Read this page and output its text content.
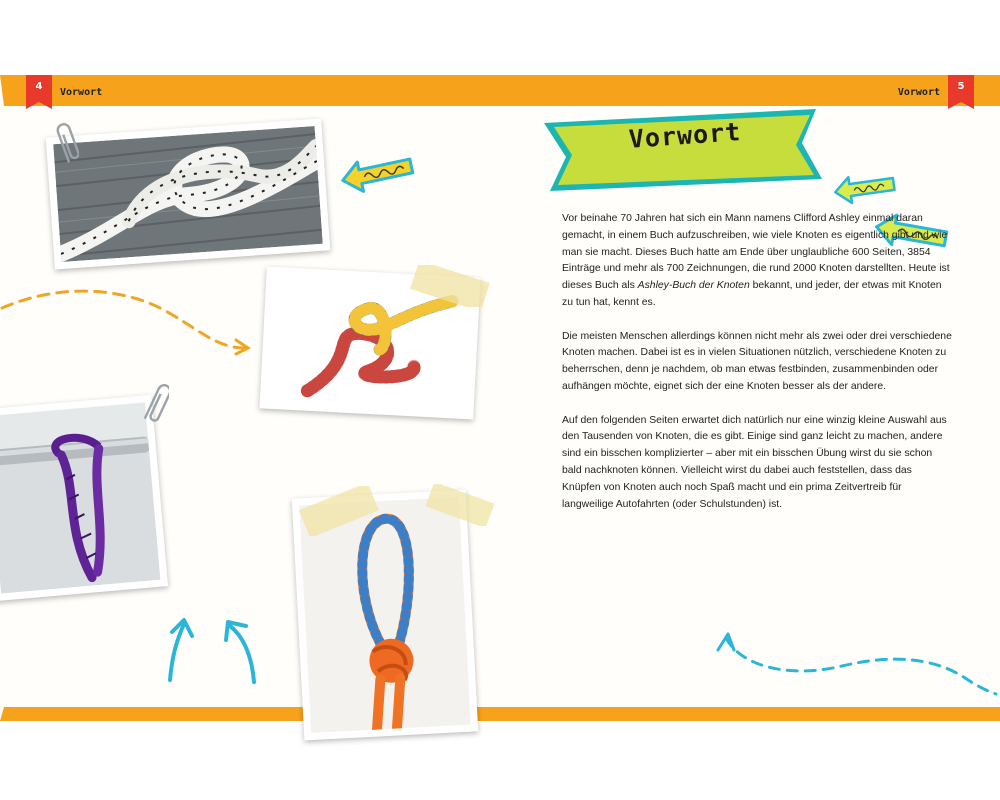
4
Vorwort	Vorwort
5
Vorwort

Vor beinahe 70 Jahren hat sich ein Mann namens Clifford Ashley einmal daran gemacht, in einem Buch aufzuschreiben, wie viele Knoten es eigentlich gibt und wie man sie macht. Dieses Buch hatte am Ende über unglaubliche 600 Seiten, 3854 Einträge und mehr als 700 Zeichnungen, die rund 2000 Knoten darstellten. Heute ist dieses Buch als Ashley-Buch der Knoten bekannt, und jeder, der etwas mit Knoten zu tun hat, kennt es.

Die meisten Menschen allerdings können nicht mehr als zwei oder drei verschiedene Knoten machen. Dabei ist es in vielen Situationen nützlich, verschiedene Knoten zu beherrschen, denn je nachdem, ob man etwas festbinden, zusammenbinden oder aufhängen möchte, eignet sich der eine Knoten besser als der andere.

Auf den folgenden Seiten erwartet dich natürlich nur eine winzig kleine Auswahl aus den Tausenden von Knoten, die es gibt. Einige sind ganz leicht zu machen, andere sind ein bisschen komplizierter – aber mit ein bisschen Übung wirst du sie schon bald nachknoten können. Vielleicht wirst du dabei auch feststellen, dass das Knüpfen von Knoten auch noch Spaß macht und ein prima Zeitvertreib für langweilige Autofahrten (oder Schulstunden) ist.
